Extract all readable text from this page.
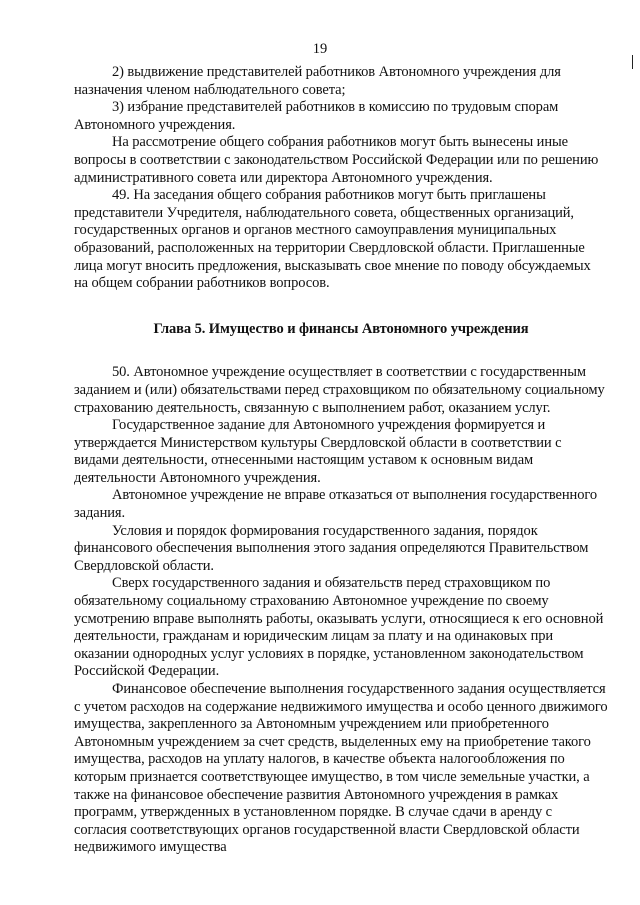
19

2) выдвижение представителей работников Автономного учреждения для назначения членом наблюдательного совета;

3) избрание представителей работников в комиссию по трудовым спорам Автономного учреждения.

На рассмотрение общего собрания работников могут быть вынесены иные вопросы в соответствии с законодательством Российской Федерации или по решению административного совета или директора Автономного учреждения.

49. На заседания общего собрания работников могут быть приглашены представители Учредителя, наблюдательного совета, общественных организаций, государственных органов и органов местного самоуправления муниципальных образований, расположенных на территории Свердловской области. Приглашенные лица могут вносить предложения, высказывать свое мнение по поводу обсуждаемых на общем собрании работников вопросов.

Глава 5. Имущество и финансы Автономного учреждения

50. Автономное учреждение осуществляет в соответствии с государственным заданием и (или) обязательствами перед страховщиком по обязательному социальному страхованию деятельность, связанную с выполнением работ, оказанием услуг.

Государственное задание для Автономного учреждения формируется и утверждается Министерством культуры Свердловской области в соответствии с видами деятельности, отнесенными настоящим уставом к основным видам деятельности Автономного учреждения.

Автономное учреждение не вправе отказаться от выполнения государственного задания.

Условия и порядок формирования государственного задания, порядок финансового обеспечения выполнения этого задания определяются Правительством Свердловской области.

Сверх государственного задания и обязательств перед страховщиком по обязательному социальному страхованию Автономное учреждение по своему усмотрению вправе выполнять работы, оказывать услуги, относящиеся к его основной деятельности, гражданам и юридическим лицам за плату и на одинаковых при оказании однородных услуг условиях в порядке, установленном законодательством Российской Федерации.

Финансовое обеспечение выполнения государственного задания осуществляется с учетом расходов на содержание недвижимого имущества и особо ценного движимого имущества, закрепленного за Автономным учреждением или приобретенного Автономным учреждением за счет средств, выделенных ему на приобретение такого имущества, расходов на уплату налогов, в качестве объекта налогообложения по которым признается соответствующее имущество, в том числе земельные участки, а также на финансовое обеспечение развития Автономного учреждения в рамках программ, утвержденных в установленном порядке. В случае сдачи в аренду с согласия соответствующих органов государственной власти Свердловской области недвижимого имущества
